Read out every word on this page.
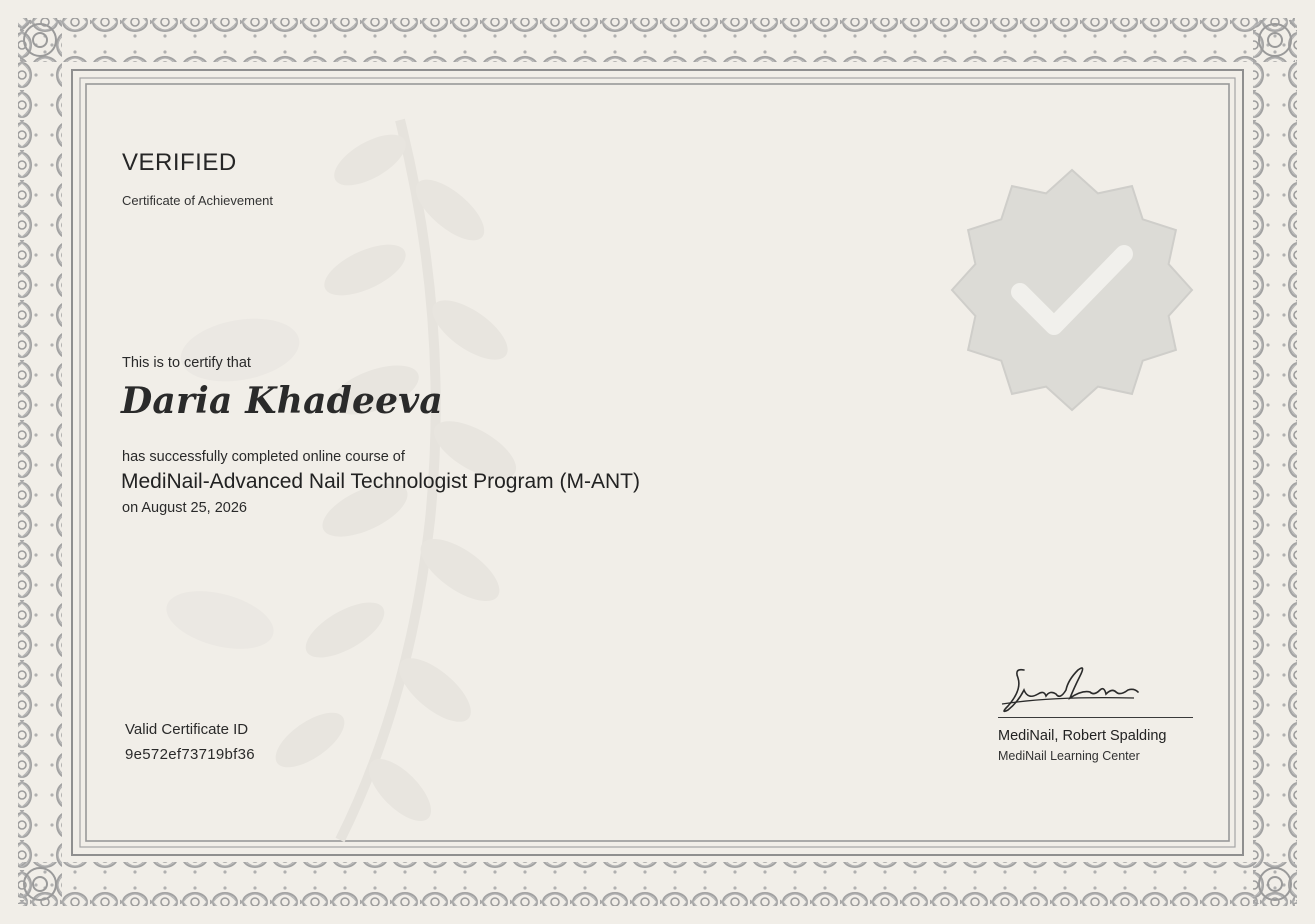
VERIFIED
Certificate of Achievement
This is to certify that
Daria Khadeeva
has successfully completed online course of
MediNail-Advanced Nail Technologist Program (M-ANT)
on August 25, 2026
Valid Certificate ID
9e572ef73719bf36
MediNail, Robert Spalding
MediNail Learning Center
